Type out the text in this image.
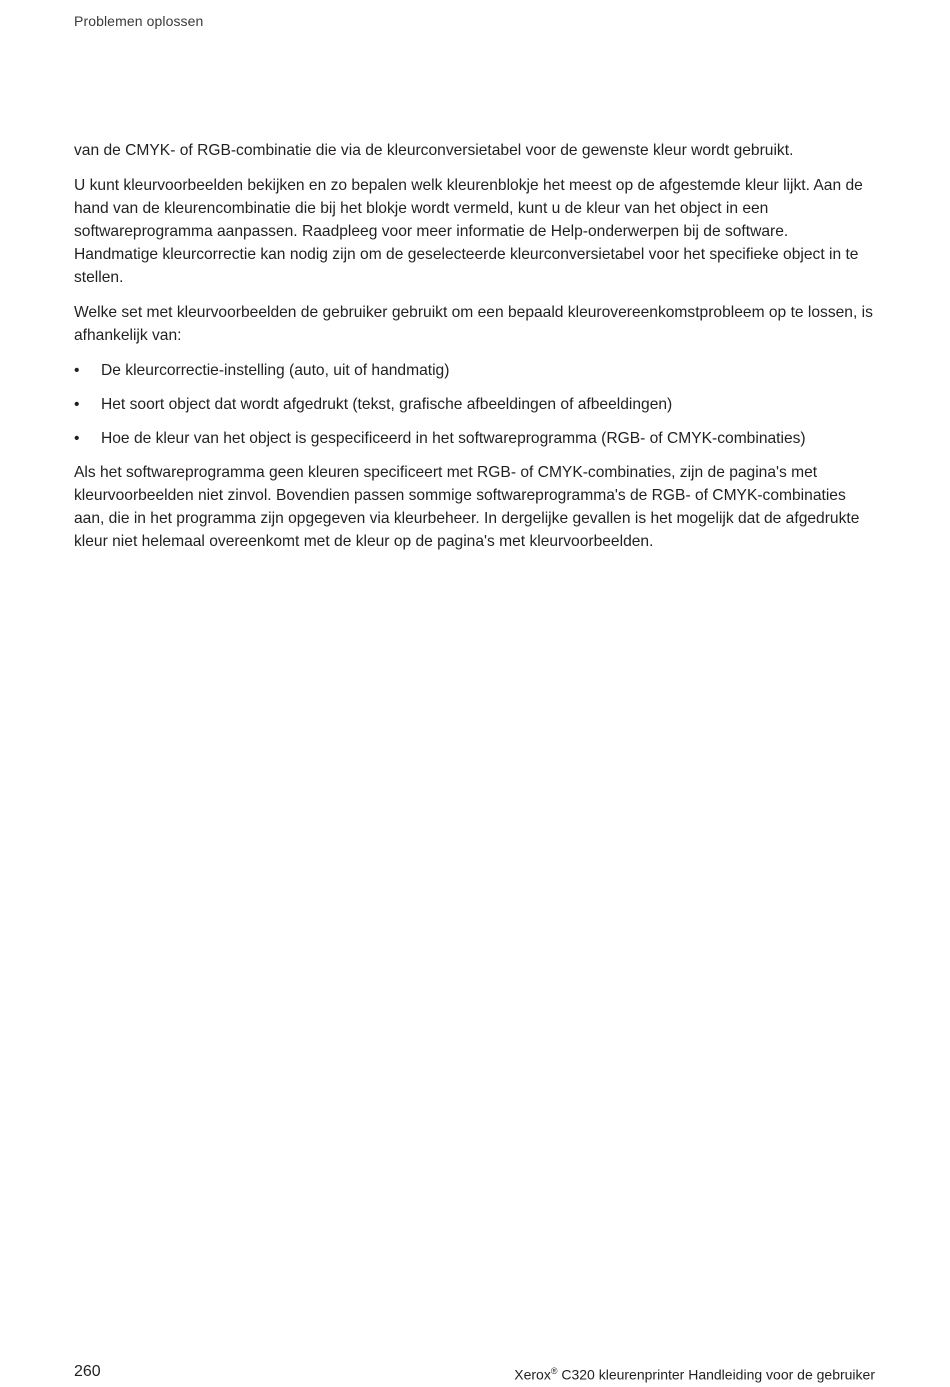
Problemen oplossen

van de CMYK- of RGB-combinatie die via de kleurconversietabel voor de gewenste kleur wordt gebruikt.

U kunt kleurvoorbeelden bekijken en zo bepalen welk kleurenblokje het meest op de afgestemde kleur lijkt. Aan de hand van de kleurencombinatie die bij het blokje wordt vermeld, kunt u de kleur van het object in een softwareprogramma aanpassen. Raadpleeg voor meer informatie de Help-onderwerpen bij de software. Handmatige kleurcorrectie kan nodig zijn om de geselecteerde kleurconversietabel voor het specifieke object in te stellen.

Welke set met kleurvoorbeelden de gebruiker gebruikt om een bepaald kleurovereenkomstprobleem op te lossen, is afhankelijk van:

•	De kleurcorrectie-instelling (auto, uit of handmatig)
•	Het soort object dat wordt afgedrukt (tekst, grafische afbeeldingen of afbeeldingen)
•	Hoe de kleur van het object is gespecificeerd in het softwareprogramma (RGB- of CMYK-combinaties)

Als het softwareprogramma geen kleuren specificeert met RGB- of CMYK-combinaties, zijn de pagina's met kleurvoorbeelden niet zinvol. Bovendien passen sommige softwareprogramma's de RGB- of CMYK-combinaties aan, die in het programma zijn opgegeven via kleurbeheer. In dergelijke gevallen is het mogelijk dat de afgedrukte kleur niet helemaal overeenkomt met de kleur op de pagina's met kleurvoorbeelden.

260	Xerox® C320 kleurenprinter Handleiding voor de gebruiker
